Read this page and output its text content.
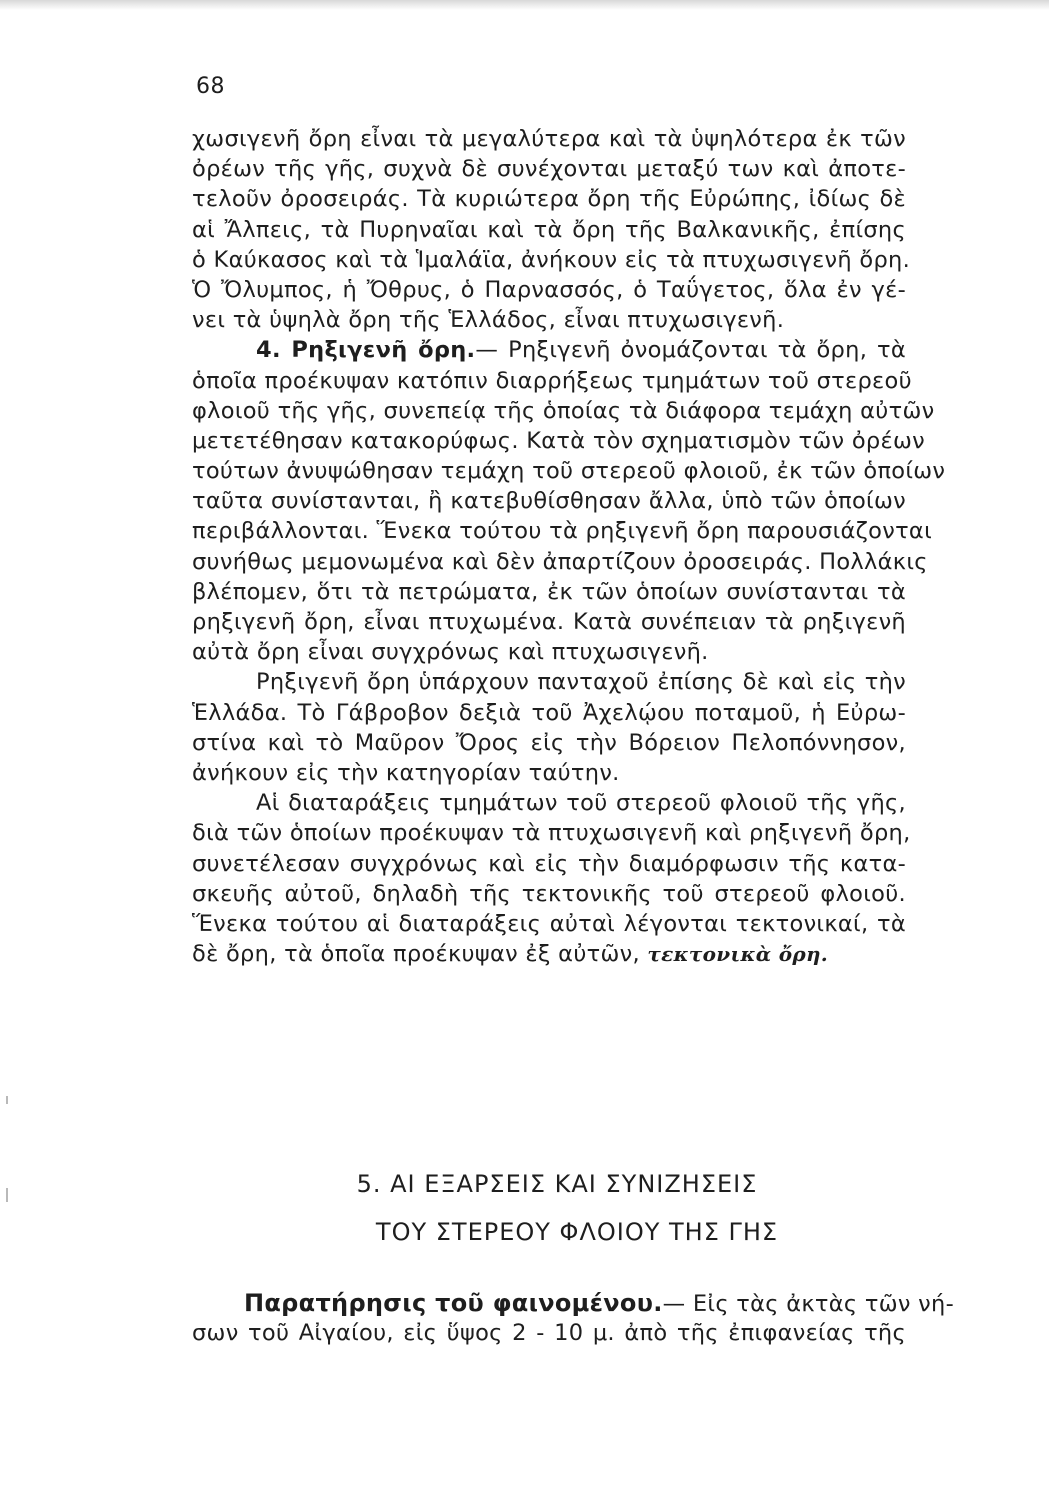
68
χωσιγενῆ ὄρη εἶναι τὰ μεγαλύτερα καὶ τὰ ὑψηλότερα ἐκ τῶν
ὀρέων τῆς γῆς, συχνὰ δὲ συνέχονται μεταξύ των καὶ ἀποτε-
τελοῦν ὀροσειράς. Τὰ κυριώτερα ὄρη τῆς Εὐρώπης, ἰδίως δὲ
αἱ Ἄλπεις, τὰ Πυρηναῖαι καὶ τὰ ὄρη τῆς Βαλκανικῆς, ἐπίσης
ὁ Καύκασος καὶ τὰ Ἱμαλάϊα, ἀνήκουν εἰς τὰ πτυχωσιγενῆ ὄρη.
Ὁ Ὄλυμπος, ἡ Ὄθρυς, ὁ Παρνασσός, ὁ Ταΰγετος, ὅλα ἐν γέ-
νει τὰ ὑψηλὰ ὄρη τῆς Ἑλλάδος, εἶναι πτυχωσιγενῆ.
4. Ρηξιγενῆ ὄρη.— Ρηξιγενῆ ὀνομάζονται τὰ ὄρη, τὰ
ὁποῖα προέκυψαν κατόπιν διαρρήξεως τμημάτων τοῦ στερεοῦ
φλοιοῦ τῆς γῆς, συνεπείᾳ τῆς ὁποίας τὰ διάφορα τεμάχη αὐτῶν
μετετέθησαν κατακορύφως. Κατὰ τὸν σχηματισμὸν τῶν ὀρέων
τούτων ἀνυψώθησαν τεμάχη τοῦ στερεοῦ φλοιοῦ, ἐκ τῶν ὁποίων
ταῦτα συνίστανται, ἢ κατεβυθίσθησαν ἄλλα, ὑπὸ τῶν ὁποίων
περιβάλλονται. Ἕνεκα τούτου τὰ ρηξιγενῆ ὄρη παρουσιάζονται
συνήθως μεμονωμένα καὶ δὲν ἀπαρτίζουν ὀροσειράς. Πολλάκις
βλέπομεν, ὅτι τὰ πετρώματα, ἐκ τῶν ὁποίων συνίστανται τὰ
ρηξιγενῆ ὄρη, εἶναι πτυχωμένα. Κατὰ συνέπειαν τὰ ρηξιγενῆ
αὐτὰ ὄρη εἶναι συγχρόνως καὶ πτυχωσιγενῆ.
Ρηξιγενῆ ὄρη ὑπάρχουν πανταχοῦ ἐπίσης δὲ καὶ εἰς τὴν
Ἑλλάδα. Τὸ Γάβροβον δεξιὰ τοῦ Ἀχελῴου ποταμοῦ, ἡ Εὐρω-
στίνα καὶ τὸ Μαῦρον Ὄρος εἰς τὴν Βόρειον Πελοπόννησον,
ἀνήκουν εἰς τὴν κατηγορίαν ταύτην.
Αἱ διαταράξεις τμημάτων τοῦ στερεοῦ φλοιοῦ τῆς γῆς,
διὰ τῶν ὁποίων προέκυψαν τὰ πτυχωσιγενῆ καὶ ρηξιγενῆ ὄρη,
συνετέλεσαν συγχρόνως καὶ εἰς τὴν διαμόρφωσιν τῆς κατα-
σκευῆς αὐτοῦ, δηλαδὴ τῆς τεκτονικῆς τοῦ στερεοῦ φλοιοῦ.
Ἕνεκα τούτου αἱ διαταράξεις αὐταὶ λέγονται τεκτονικαί, τὰ
δὲ ὄρη, τὰ ὁποῖα προέκυψαν ἐξ αὐτῶν, τεκτονικὰ ὄρη.
5. ΑΙ ΕΞΑΡΣΕΙΣ ΚΑΙ ΣΥΝΙΖΗΣΕΙΣ
ΤΟΥ ΣΤΕΡΕΟΥ ΦΛΟΙΟΥ ΤΗΣ ΓΗΣ
Παρατήρησις τοῦ φαινομένου.— Εἰς τὰς ἀκτὰς τῶν νή-
σων τοῦ Αἰγαίου, εἰς ὕψος 2 - 10 μ. ἀπὸ τῆς ἐπιφανείας τῆς
